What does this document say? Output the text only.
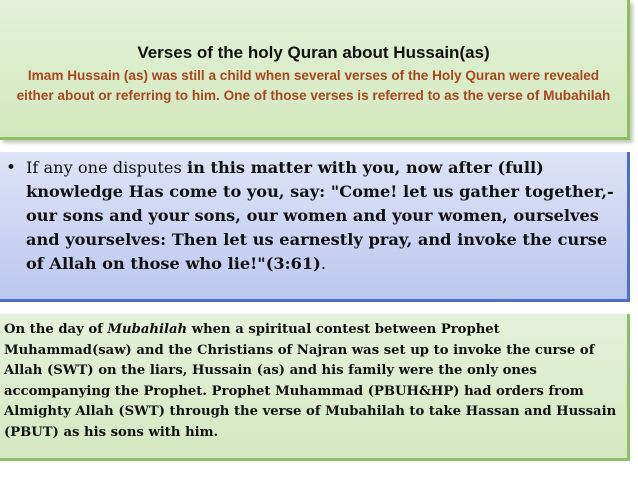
Verses of the holy Quran about Hussain(as)
Imam Hussain (as) was still a child when several verses of the Holy Quran were revealed either about or referring to him. One of those verses is referred to as the verse of Mubahilah
• If any one disputes in this matter with you, now after (full) knowledge Has come to you, say: "Come! let us gather together,- our sons and your sons, our women and your women, ourselves and yourselves: Then let us earnestly pray, and invoke the curse of Allah on those who lie!"(3:61).
On the day of Mubahilah when a spiritual contest between Prophet Muhammad(saw) and the Christians of Najran was set up to invoke the curse of Allah (SWT) on the liars, Hussain (as) and his family were the only ones accompanying the Prophet. Prophet Muhammad (PBUH&HP) had orders from Almighty Allah (SWT) through the verse of Mubahilah to take Hassan and Hussain (PBUT) as his sons with him.
